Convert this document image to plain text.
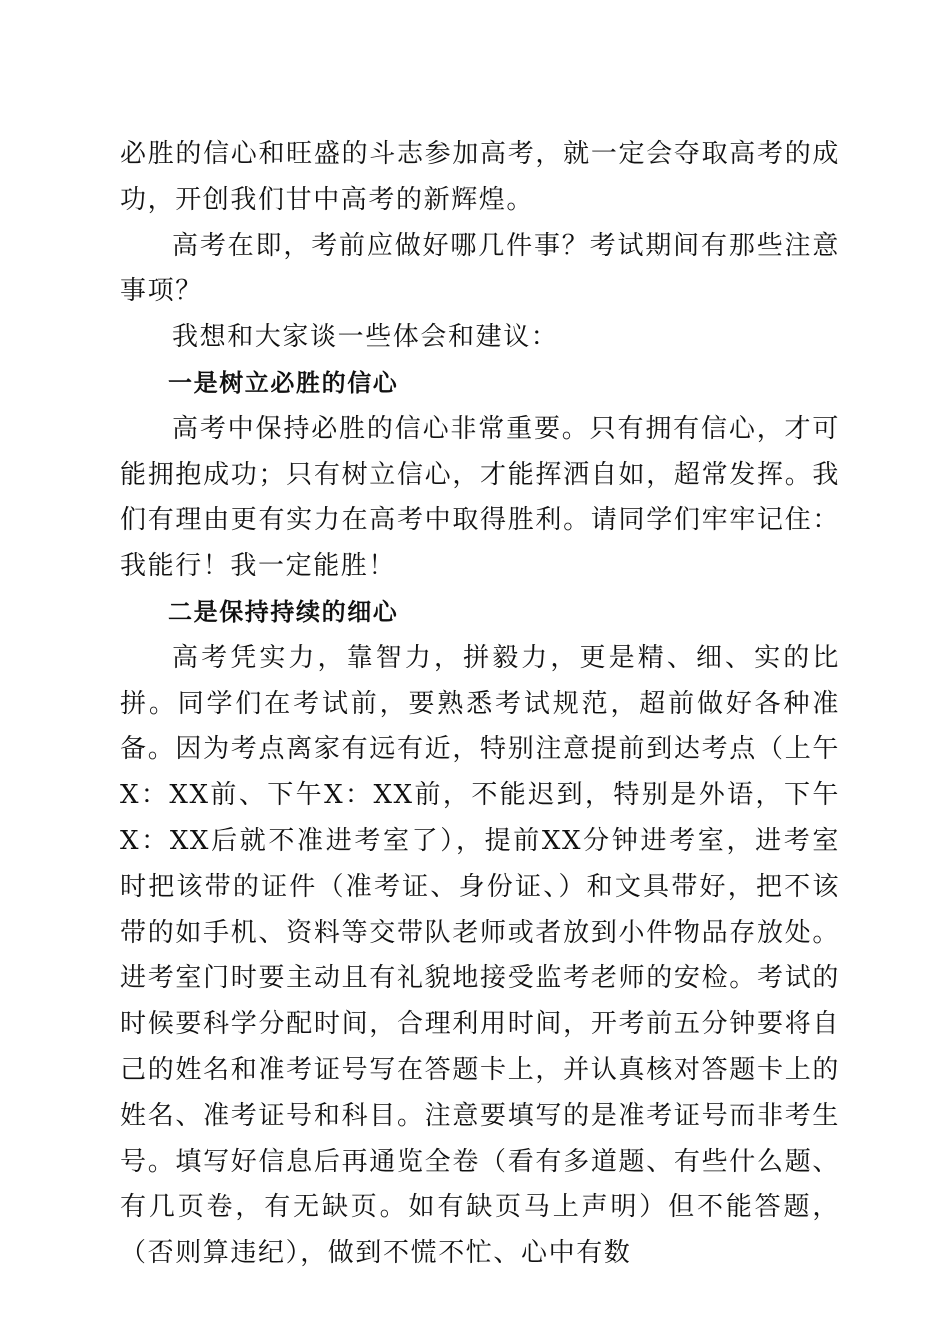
必胜的信心和旺盛的斗志参加高考，就一定会夺取高考的成功，开创我们甘中高考的新辉煌。

高考在即，考前应做好哪几件事？考试期间有那些注意事项？

我想和大家谈一些体会和建议：

一是树立必胜的信心

高考中保持必胜的信心非常重要。只有拥有信心，才可能拥抱成功；只有树立信心，才能挥洒自如，超常发挥。我们有理由更有实力在高考中取得胜利。请同学们牢牢记住：我能行！我一定能胜！

二是保持持续的细心

高考凭实力，靠智力，拼毅力，更是精、细、实的比拼。同学们在考试前，要熟悉考试规范，超前做好各种准备。因为考点离家有远有近，特别注意提前到达考点（上午X：XX前、下午X：XX前，不能迟到，特别是外语，下午X：XX后就不准进考室了），提前XX分钟进考室，进考室时把该带的证件（准考证、身份证、）和文具带好，把不该带的如手机、资料等交带队老师或者放到小件物品存放处。进考室门时要主动且有礼貌地接受监考老师的安检。考试的时候要科学分配时间，合理利用时间，开考前五分钟要将自己的姓名和准考证号写在答题卡上，并认真核对答题卡上的姓名、准考证号和科目。注意要填写的是准考证号而非考生号。填写好信息后再通览全卷（看有多道题、有些什么题、有几页卷，有无缺页。如有缺页马上声明）但不能答题，（否则算违纪），做到不慌不忙、心中有数
